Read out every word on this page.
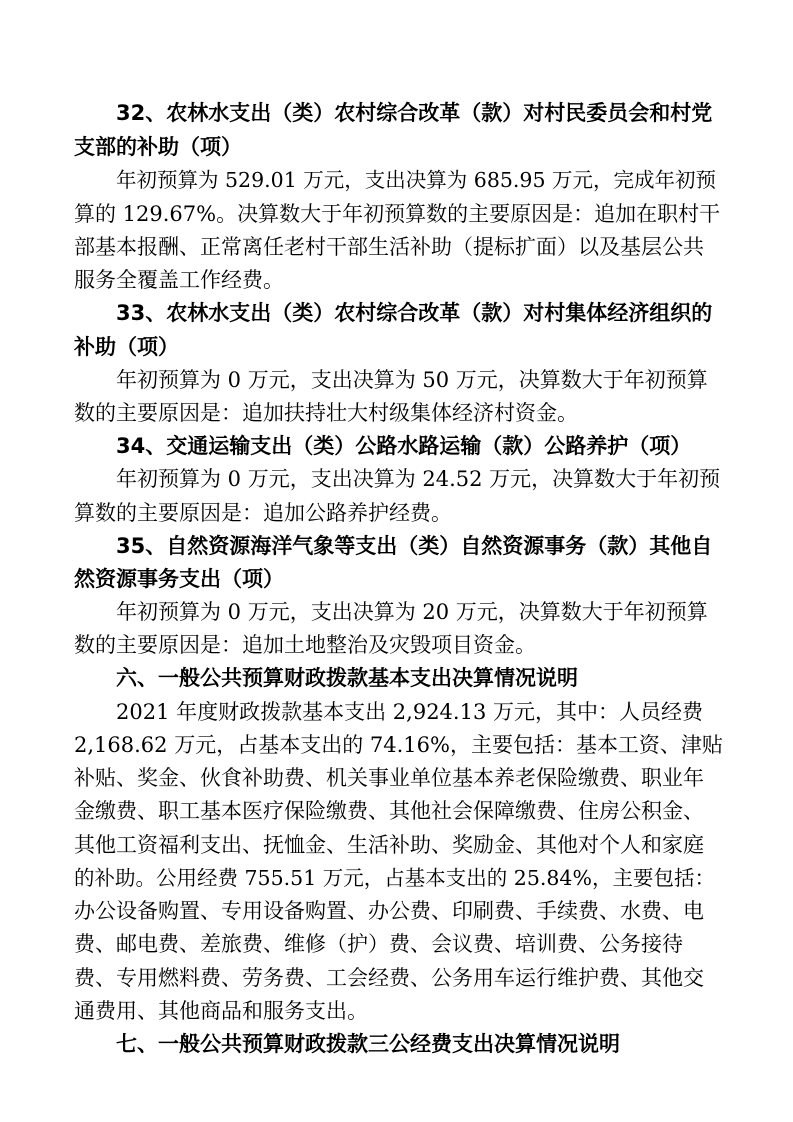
32、农林水支出（类）农村综合改革（款）对村民委员会和村党
支部的补助（项）
年初预算为 529.01 万元，支出决算为 685.95 万元，完成年初预
算的 129.67%。决算数大于年初预算数的主要原因是：追加在职村干
部基本报酬、正常离任老村干部生活补助（提标扩面）以及基层公共
服务全覆盖工作经费。
33、农林水支出（类）农村综合改革（款）对村集体经济组织的
补助（项）
年初预算为 0 万元，支出决算为 50 万元，决算数大于年初预算
数的主要原因是：追加扶持壮大村级集体经济村资金。
34、交通运输支出（类）公路水路运输（款）公路养护（项）
年初预算为 0 万元，支出决算为 24.52 万元，决算数大于年初预
算数的主要原因是：追加公路养护经费。
35、自然资源海洋气象等支出（类）自然资源事务（款）其他自
然资源事务支出（项）
年初预算为 0 万元，支出决算为 20 万元，决算数大于年初预算
数的主要原因是：追加土地整治及灾毁项目资金。
六、一般公共预算财政拨款基本支出决算情况说明
2021 年度财政拨款基本支出 2,924.13 万元，其中：人员经费
2,168.62 万元，占基本支出的 74.16%，主要包括：基本工资、津贴
补贴、奖金、伙食补助费、机关事业单位基本养老保险缴费、职业年
金缴费、职工基本医疗保险缴费、其他社会保障缴费、住房公积金、
其他工资福利支出、抚恤金、生活补助、奖励金、其他对个人和家庭
的补助。公用经费 755.51 万元，占基本支出的 25.84%，主要包括：
办公设备购置、专用设备购置、办公费、印刷费、手续费、水费、电
费、邮电费、差旅费、维修（护）费、会议费、培训费、公务接待
费、专用燃料费、劳务费、工会经费、公务用车运行维护费、其他交
通费用、其他商品和服务支出。
七、一般公共预算财政拨款三公经费支出决算情况说明
